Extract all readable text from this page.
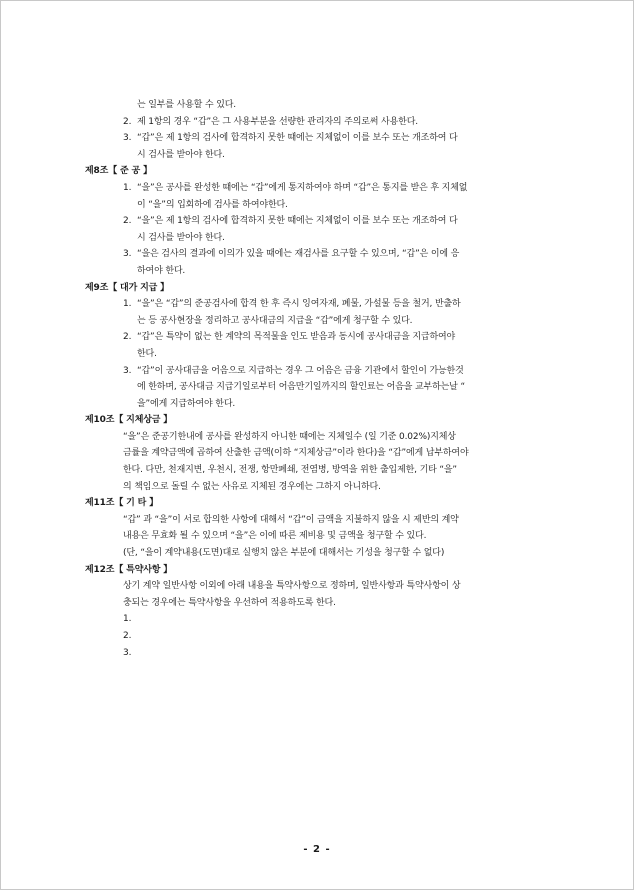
는 일부를 사용할 수 있다.
2. 제 1항의 경우 “갑”은 그 사용부분을 선량한 관리자의 주의로써 사용한다.
3. “갑”은 제 1항의 검사에 합격하지 못한 때에는 지체없이 이를 보수 또는 개조하여 다
시 검사를 받아야 한다.
제8조【 준 공 】
1. “을”은 공사를 완성한 때에는 “갑”에게 통지하여야 하며 “갑”은 통지를 받은 후 지체없
이 “을”의 입회하에 검사를 하여야한다.
2. “을”은 제 1항의 검사에 합격하지 못한 때에는 지체없이 이를 보수 또는 개조하여 다
시 검사를 받아야 한다.
3. “을은 검사의 결과에 이의가 있을 때에는 재검사를 요구할 수 있으며, “갑”은 이에 응
하여야 한다.
제9조【 대가 지급 】
1. “을”은 “갑”의 준공검사에 합격 한 후 즉시 잉여자재, 폐물, 가설물 등을 철거, 반출하
는 등 공사현장을 정리하고 공사대금의 지급을 “갑”에게 청구할 수 있다.
2. “갑”은 특약이 없는 한 계약의 목적물을 인도 받음과 동시에 공사대금을 지급하여야
한다.
3. “갑”이 공사대금을 어음으로 지급하는 경우 그 어음은 금융 기관에서 할인이 가능한것
에 한하며, 공사대금 지급기일로부터 어음만기일까지의 할인료는 어음을 교부하는날 “
을”에게 지급하여야 한다.
제10조【 지체상금 】
“을”은 준공기한내에 공사를 완성하지 아니한 때에는 지체일수 (일 기준 0.02%)지체상
금률을 계약금액에 곱하여 산출한 금액(이하 “지체상금”이라 한다)을 “갑”에게 납부하여야
한다. 다만, 천재지변, 우천시, 전쟁, 항만폐쇄, 전염병, 방역을 위한 출입제한, 기타 “을”
의 책임으로 돌릴 수 없는 사유로 지체된 경우에는 그하지 아니하다.
제11조【 기 타 】
“갑” 과 “을”이 서로 합의한 사항에 대해서 “갑”이 금액을 지불하지 않을 시 제반의 계약
내용은 무효화 될 수 있으며 “을”은 이에 따른 제비용 및 금액을 청구할 수 있다.
(단, “을이 계약내용(도면)대로 실행치 않은 부분에 대해서는 기성을 청구할 수 없다)
제12조【 특약사항 】
상기 계약 일반사항 이외에 아래 내용을 특약사항으로 정하며, 일반사항과 특약사항이 상
충되는 경우에는 특약사항을 우선하여 적용하도록 한다.
1.
2.
3.
- 2 -
